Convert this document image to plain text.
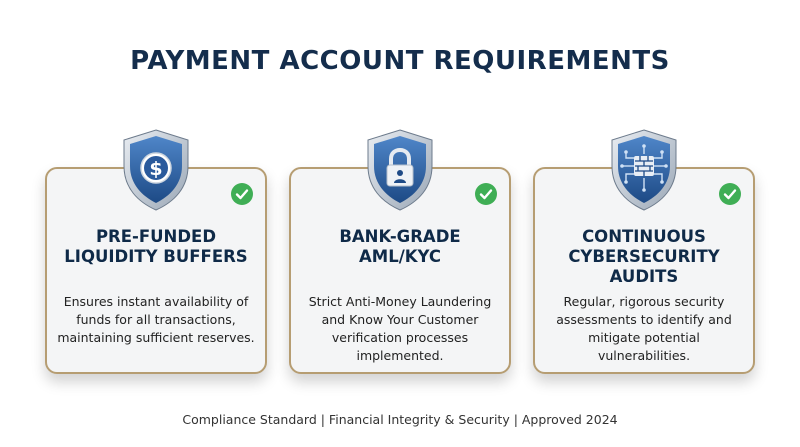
PAYMENT ACCOUNT REQUIREMENTS
PRE-FUNDED
LIQUIDITY BUFFERS
Ensures instant availability of
funds for all transactions,
maintaining sufficient reserves.
BANK-GRADE
AML/KYC
Strict Anti-Money Laundering
and Know Your Customer
verification processes
implemented.
CONTINUOUS
CYBERSECURITY
AUDITS
Regular, rigorous security
assessments to identify and
mitigate potential
vulnerabilities.
$
Compliance Standard | Financial Integrity & Security | Approved 2024
